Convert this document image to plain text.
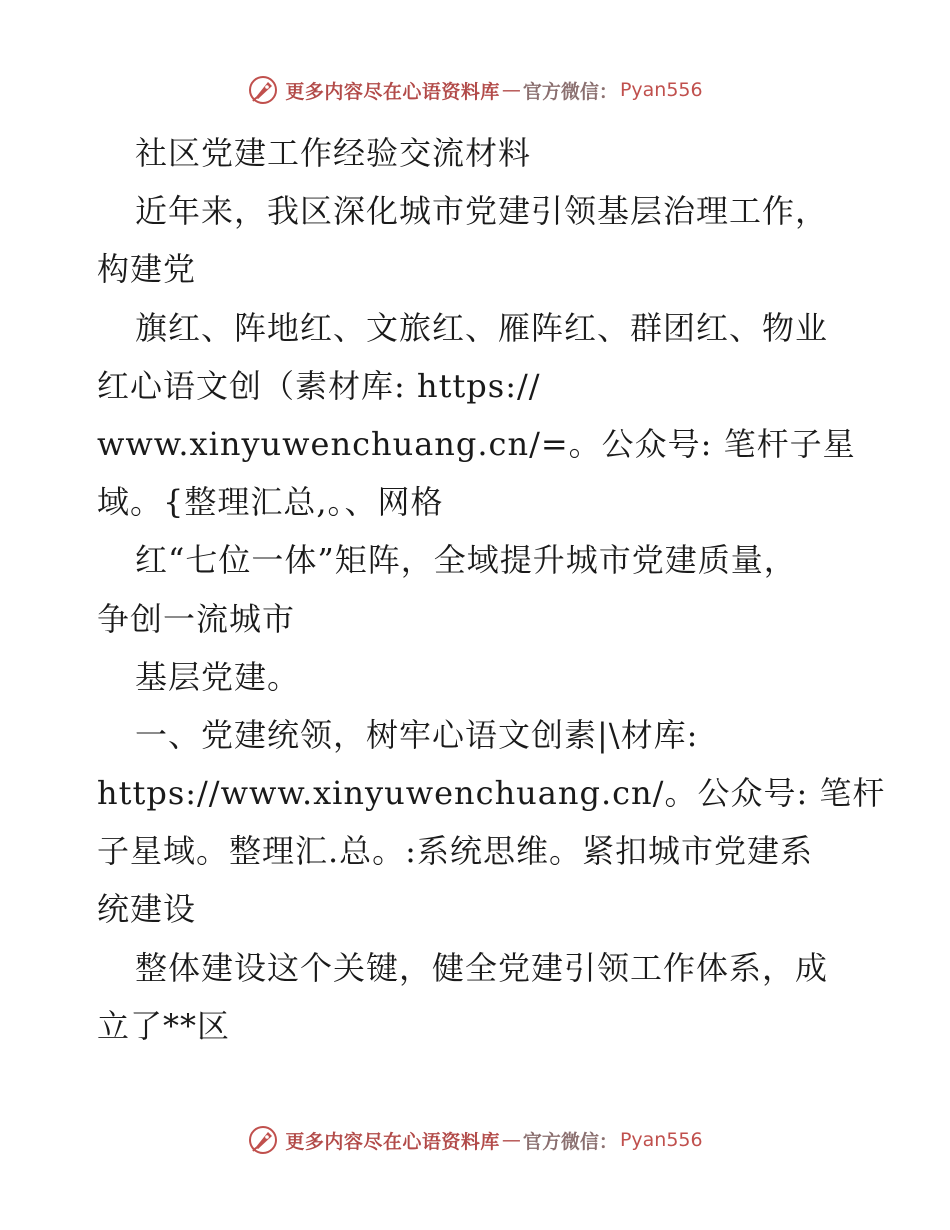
更多内容尽在心语资料库 — 官方微信： Pyan556
社区党建工作经验交流材料
近年来，我区深化城市党建引领基层治理工作，
构建党
旗红、阵地红、文旅红、雁阵红、群团红、物业
红心语文创（素材库: https://
www.xinyuwenchuang.cn/=。公众号: 笔杆子星
域。{整理汇总,。、网格
红“七位一体”矩阵，全域提升城市党建质量，
争创一流城市
基层党建。
一、党建统领，树牢心语文创素|\材库:
https://www.xinyuwenchuang.cn/。公众号: 笔杆
子星域。整理汇.总。:系统思维。紧扣城市党建系
统建设
整体建设这个关键，健全党建引领工作体系，成
立了**区
更多内容尽在心语资料库 — 官方微信： Pyan556
